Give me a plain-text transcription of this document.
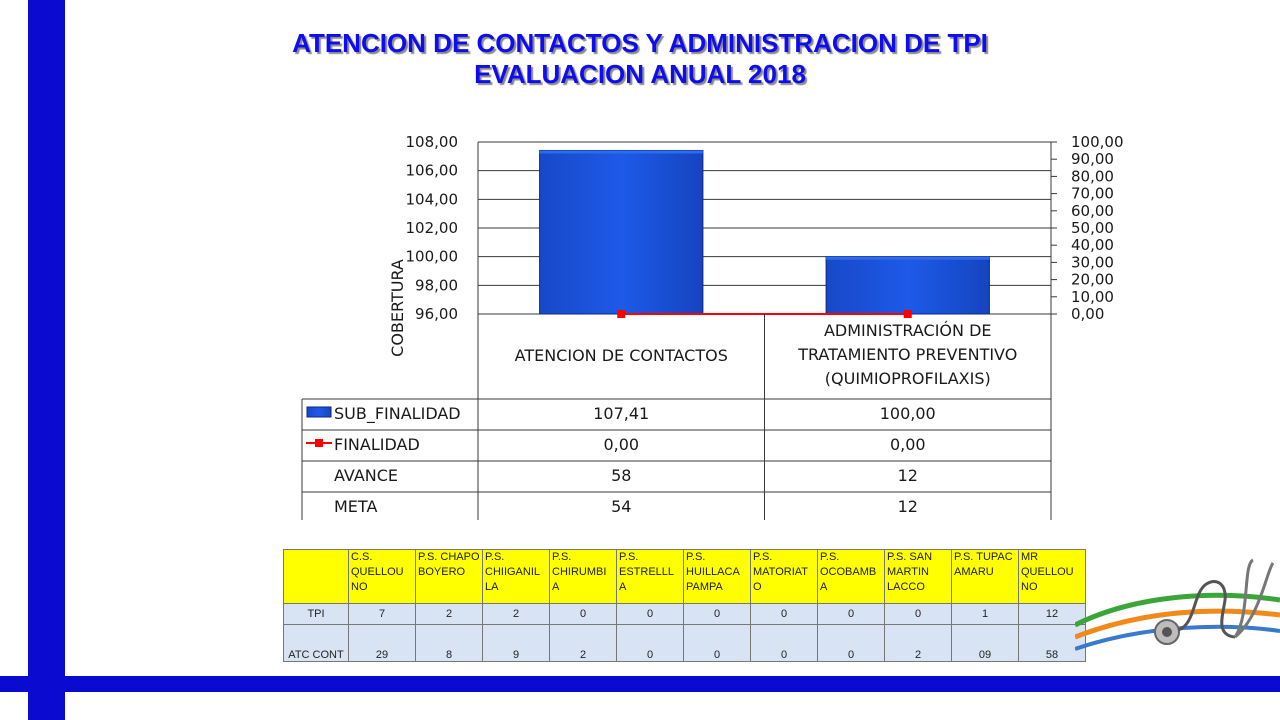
ATENCION DE CONTACTOS Y ADMINISTRACION DE TPI
EVALUACION ANUAL 2018
96,00
98,00
100,00
102,00
104,00
106,00
108,00
0,00
10,00
20,00
30,00
40,00
50,00
60,00
70,00
80,00
90,00
100,00
COBERTURA	ATENCION DE CONTACTOS
ADMINISTRACIÓN DE
TRATAMIENTO PREVENTIVO
(QUIMIOPROFILAXIS)
SUB_FINALIDAD	107,41	100,00
FINALIDAD	0,00	0,00
AVANCE	58	12
META	54	12
	C.S. QUELLOU NO	P.S. CHAPO BOYERO	P.S. CHIIGANIL LA	P.S. CHIRUMBI A	P.S. ESTRELLL A	P.S. HUILLACA PAMPA	P.S. MATORIAT O	P.S. OCOBAMB A	P.S. SAN MARTIN LACCO	P.S. TUPAC AMARU	MR QUELLOU NO
TPI	7	2	2	0	0	0	0	0	0	1	12
ATC CONT	29	8	9	2	0	0	0	0	2	09	58
